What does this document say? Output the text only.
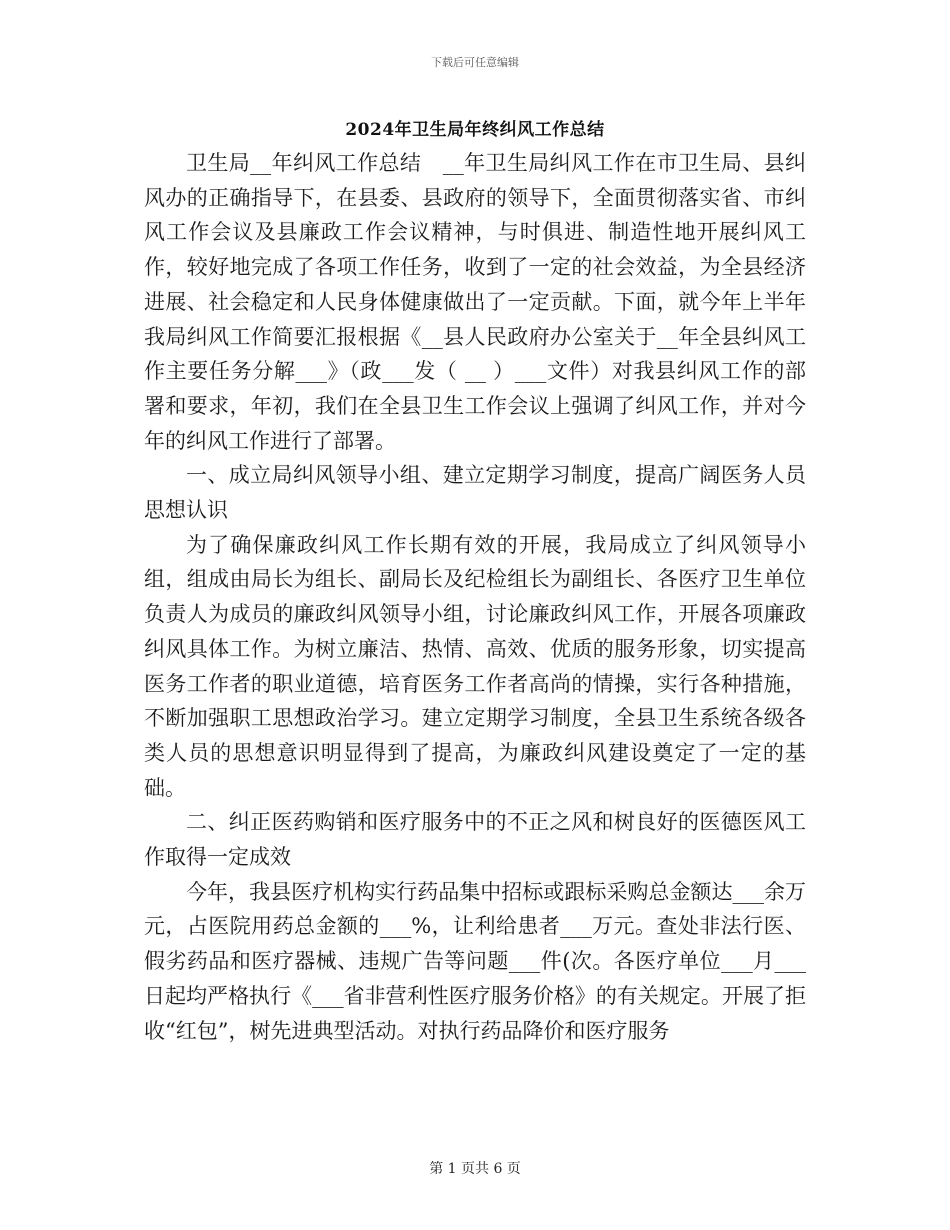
下载后可任意编辑
2024年卫生局年终纠风工作总结

卫生局__年纠风工作总结　__年卫生局纠风工作在市卫生局、县纠风办的正确指导下，在县委、县政府的领导下，全面贯彻落实省、市纠风工作会议及县廉政工作会议精神，与时俱进、制造性地开展纠风工作，较好地完成了各项工作任务，收到了一定的社会效益，为全县经济进展、社会稳定和人民身体健康做出了一定贡献。下面，就今年上半年我局纠风工作简要汇报根据《__县人民政府办公室关于__年全县纠风工作主要任务分解___》（政___发（ __ ）___文件）对我县纠风工作的部署和要求，年初，我们在全县卫生工作会议上强调了纠风工作，并对今年的纠风工作进行了部署。

一、成立局纠风领导小组、建立定期学习制度，提高广阔医务人员思想认识

为了确保廉政纠风工作长期有效的开展，我局成立了纠风领导小组，组成由局长为组长、副局长及纪检组长为副组长、各医疗卫生单位负责人为成员的廉政纠风领导小组，讨论廉政纠风工作，开展各项廉政纠风具体工作。为树立廉洁、热情、高效、优质的服务形象，切实提高医务工作者的职业道德，培育医务工作者高尚的情操，实行各种措施，不断加强职工思想政治学习。建立定期学习制度，全县卫生系统各级各类人员的思想意识明显得到了提高，为廉政纠风建设奠定了一定的基础。

二、纠正医药购销和医疗服务中的不正之风和树良好的医德医风工作取得一定成效

今年，我县医疗机构实行药品集中招标或跟标采购总金额达___余万元，占医院用药总金额的___%，让利给患者___万元。查处非法行医、假劣药品和医疗器械、违规广告等问题___件(次。各医疗单位___月___日起均严格执行《___省非营利性医疗服务价格》的有关规定。开展了拒收“红包”，树先进典型活动。对执行药品降价和医疗服务

第 1 页共 6 页
